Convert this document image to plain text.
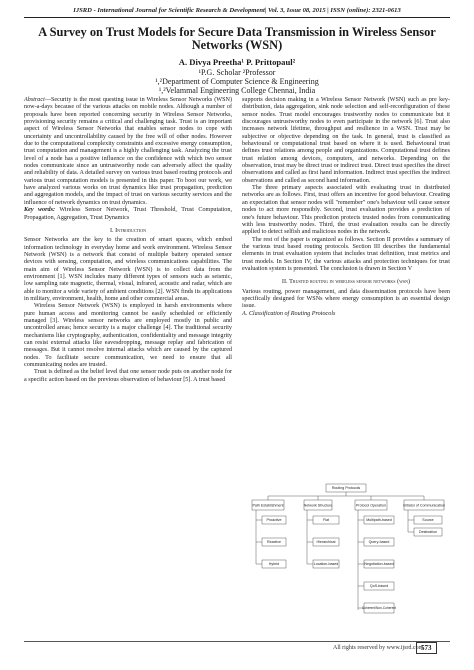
IJSRD - International Journal for Scientific Research & Development| Vol. 3, Issue 08, 2015 | ISSN (online): 2321-0613
A Survey on Trust Models for Secure Data Transmission in Wireless Sensor Networks (WSN)
A. Divya Preetha¹ P. Prittopaul²
¹P.G. Scholar ²Professor
¹,²Department of Computer Science & Engineering
¹,²Velammal Engineering College Chennai, India

Abstract—Security is the most questing issue in Wireless Sensor Networks (WSN) now-a-days because of the various attacks on mobile nodes. Although a number of proposals have been reported concerning security in Wireless Sensor Networks, provisioning security remains a critical and challenging task. Trust is an important aspect of Wireless Sensor Networks that enables sensor nodes to cope with uncertainty and uncontrollability caused by the free will of other nodes. However due to the computational complexity constraints and excessive energy consumption, trust computation and management is a highly challenging task. Analyzing the trust level of a node has a positive influence on the confidence with which two sensor nodes communicate since an untrustworthy node can adversely affect the quality and reliability of data. A detailed survey on various trust based routing protocols and various trust computation models is presented in this paper. To boot our work, we have analyzed various works on trust dynamics like trust propagation, prediction and aggregation models, and the impact of trust on various security services and the influence of network dynamics on trust dynamics.

Key words: Wireless Sensor Network, Trust Threshold, Trust Computation, Propagation, Aggregation, Trust Dynamics

I. Introduction

Sensor Networks are the key to the creation of smart spaces, which embed information technology in everyday home and work environment. Wireless Sensor Network (WSN) is a network that consist of multiple battery operated sensor devices with sensing, computation, and wireless communications capabilities. The main aim of Wireless Sensor Network (WSN) is to collect data from the environment [1]. WSN includes many different types of sensors such as seismic, low sampling rate magnetic, thermal, visual, infrared, acoustic and radar, which are able to monitor a wide variety of ambient conditions [2]. WSN finds its applications in military, environment, health, home and other commercial areas.

Wireless Sensor Network (WSN) is employed in harsh environments where pure human access and monitoring cannot be easily scheduled or efficiently managed [3]. Wireless sensor networks are employed mostly in public and uncontrolled areas; hence security is a major challenge [4]. The traditional security mechanisms like cryptography, authentication, confidentiality and message integrity can resist external attacks like eavesdropping, message replay and fabrication of messages. But it cannot resolve internal attacks which are caused by the captured nodes. To facilitate secure communication, we need to ensure that all communicating nodes are trusted.

Trust is defined as the belief level that one sensor node puts on another node for a specific action based on the previous observation of behaviour [5]. A trust based

supports decision making in a Wireless Sensor Network (WSN) such as pre key-distribution, data aggregation, sink node selection and self-reconfiguration of these sensor nodes. Trust model encourages trustworthy nodes to communicate but it discourages untrustworthy nodes to even participate in the network [6]. Trust also increases network lifetime, throughput and resilience in a WSN. Trust may be subjective or objective depending on the task. In general, trust is classified as behavioural or computational trust based on where it is used. Behavioural trust defines trust relations among people and organizations. Computational trust defines trust relation among devices, computers, and networks. Depending on the observation, trust may be direct trust or indirect trust. Direct trust specifies the direct observations and called as first hand information. Indirect trust specifies the indirect observations and called as second hand information.

The three primary aspects associated with evaluating trust in distributed networks are as follows. First, trust offers an incentive for good behaviour. Creating an expectation that sensor nodes will "remember" one's behaviour will cause sensor nodes to act more responsibly. Second, trust evaluation provides a prediction of one's future behaviour. This prediction protects trusted nodes from communicating with less trustworthy nodes. Third, the trust evaluation results can be directly applied to detect selfish and malicious nodes in the network.

The rest of the paper is organized as follows. Section II provides a summary of the various trust based routing protocols. Section III describes the fundamental elements in trust evaluation system that includes trust definition, trust metrics and trust models. In Section IV, the various attacks and protection techniques for trust evaluation system is presented. The conclusion is drawn in Section V

II. Trusted routing in wireless sensor networks (wsn)

Various routing, power management, and data dissemination protocols have been specifically designed for WSNs where energy consumption is an essential design issue.

A. Classification of Routing Protocols

Routing Protocols
Path Establishment	Network Structure	Protocol Operation	Initiator of Communication
Proactive
Reactive
Hybrid
Flat
Hierarchical
Location-based
Multipath-based
Query-based
Negotiation-based
QoS-based
Coherent/Non-Coherent
Source
Destination
All rights reserved by www.ijsrd.com
573
